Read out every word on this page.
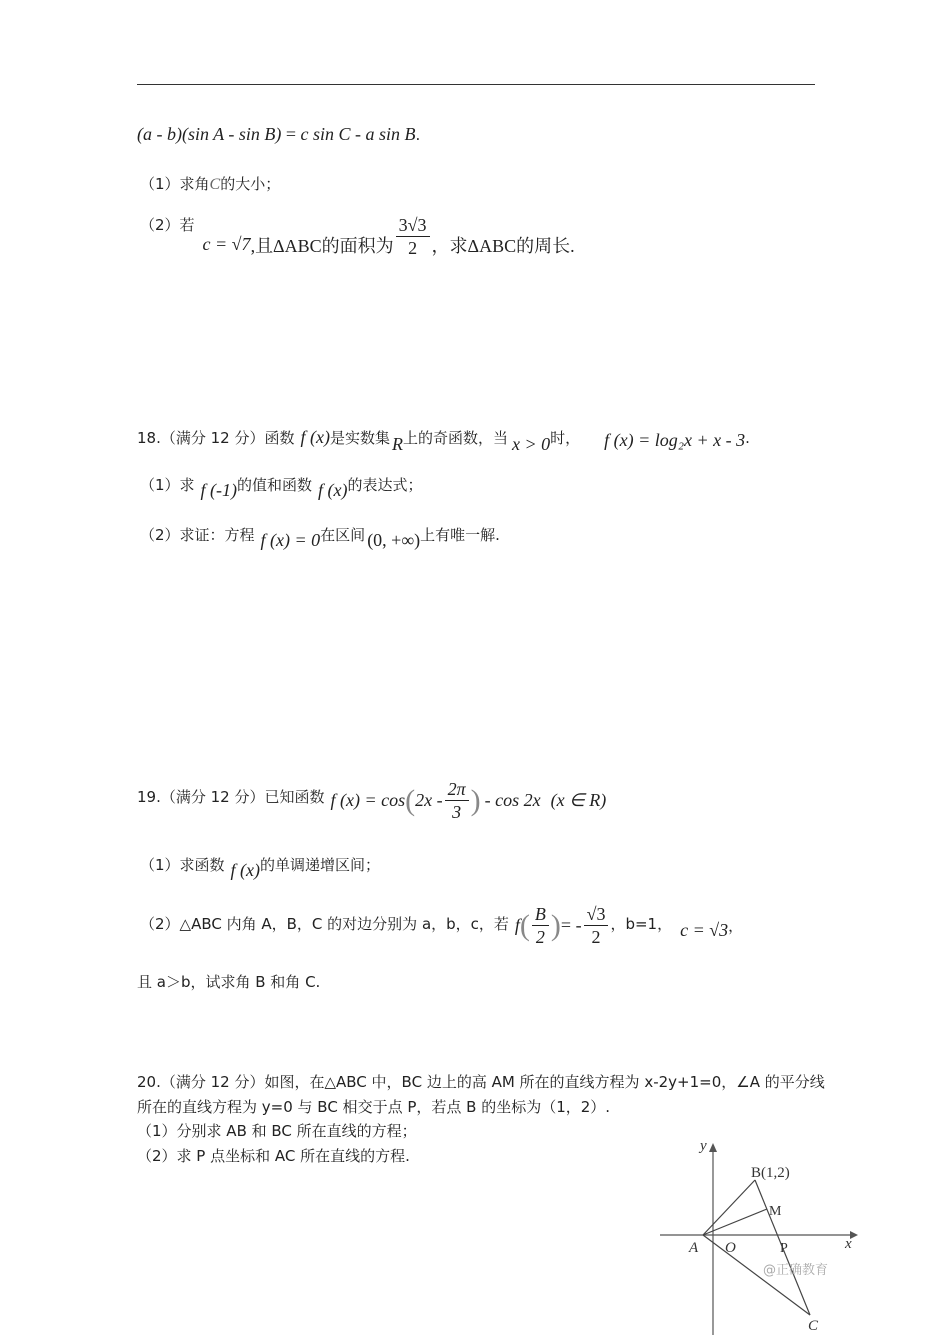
(a - b)(sin A - sin B) = c sin C - a sin B.
（1）求角C的大小；
（2）若
c = √7 ,且ΔABC的面积为 $\frac{3√3}{2}$ ，求ΔABC的周长.
18.（满分 12 分）函数 f (x) 是实数集 R 上的奇函数，当 x > 0 时， f (x) = log₂x + x - 3 .
（1）求 f (-1) 的值和函数 f (x) 的表达式；
（2）求证：方程 f (x) = 0 在区间 (0, +∞) 上有唯一解.
19.（满分 12 分）已知函数 f (x) = cos ( $2x - \frac{2\pi}{3}$ ) - cos 2x (x ∈ R)
（1）求函数 f (x) 的单调递增区间；
（2）△ABC 内角 A，B，C 的对边分别为 a，b，c，若 f ( $\frac{B}{2}$ ) = - $\frac{√3}{2}$ ，b=1， c = √3 ，
且 a＞b，试求角 B 和角 C.
20.（满分 12 分）如图，在△ABC 中，BC 边上的高 AM 所在的直线方程为 x-2y+1=0，∠A 的平分线
所在的直线方程为 y=0 与 BC 相交于点 P，若点 B 的坐标为（1，2）.
（1）分别求 AB 和 BC 所在直线的方程；
（2）求 P 点坐标和 AC 所在直线的方程.
y
x
B(1,2)
M
A O	P
C
@正确教育
